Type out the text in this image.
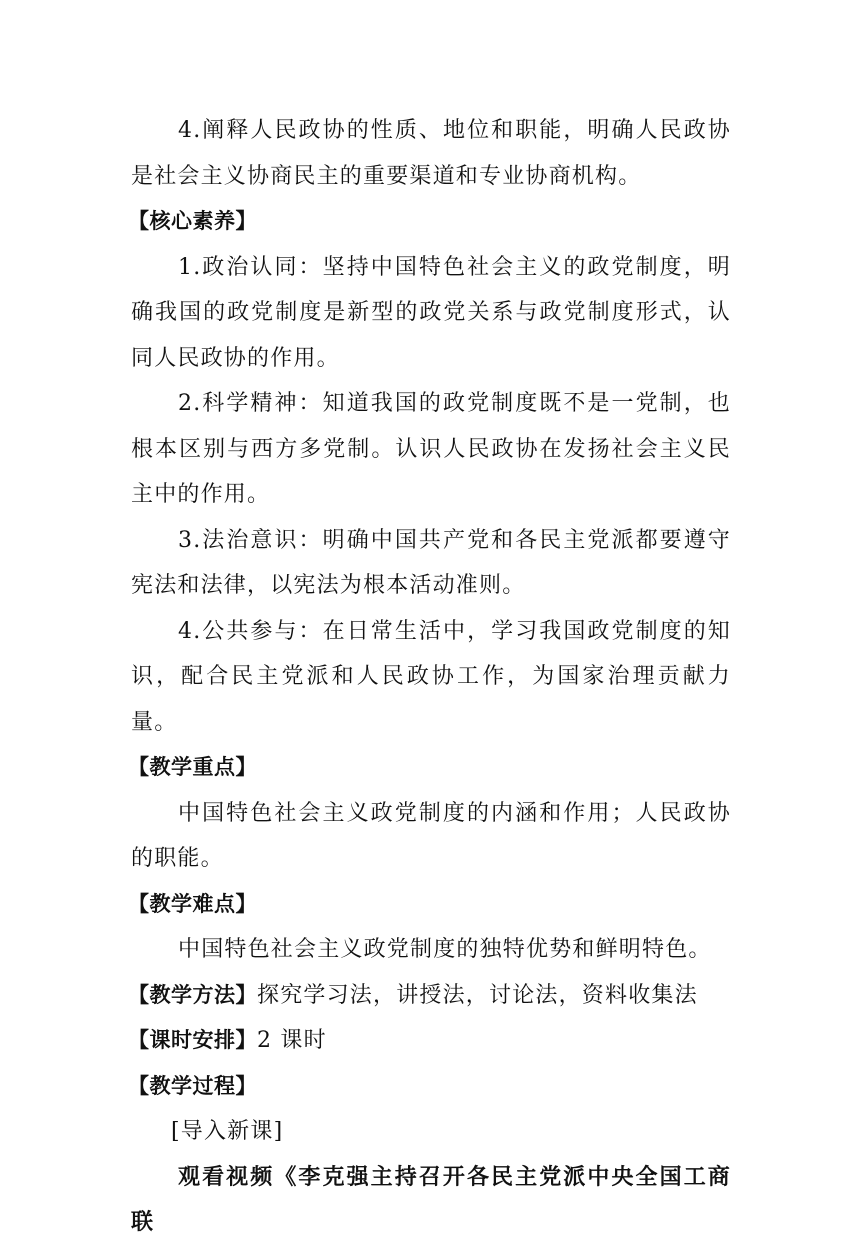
4.阐释人民政协的性质、地位和职能，明确人民政协是社会主义协商民主的重要渠道和专业协商机构。

【核心素养】

1.政治认同：坚持中国特色社会主义的政党制度，明确我国的政党制度是新型的政党关系与政党制度形式，认同人民政协的作用。

2.科学精神：知道我国的政党制度既不是一党制，也根本区别与西方多党制。认识人民政协在发扬社会主义民主中的作用。

3.法治意识：明确中国共产党和各民主党派都要遵守宪法和法律，以宪法为根本活动准则。

4.公共参与：在日常生活中，学习我国政党制度的知识，配合民主党派和人民政协工作，为国家治理贡献力量。

【教学重点】

中国特色社会主义政党制度的内涵和作用；人民政协的职能。

【教学难点】

中国特色社会主义政党制度的独特优势和鲜明特色。

【教学方法】探究学习法，讲授法，讨论法，资料收集法

【课时安排】2 课时

【教学过程】

[导入新课]

观看视频《李克强主持召开各民主党派中央全国工商联
